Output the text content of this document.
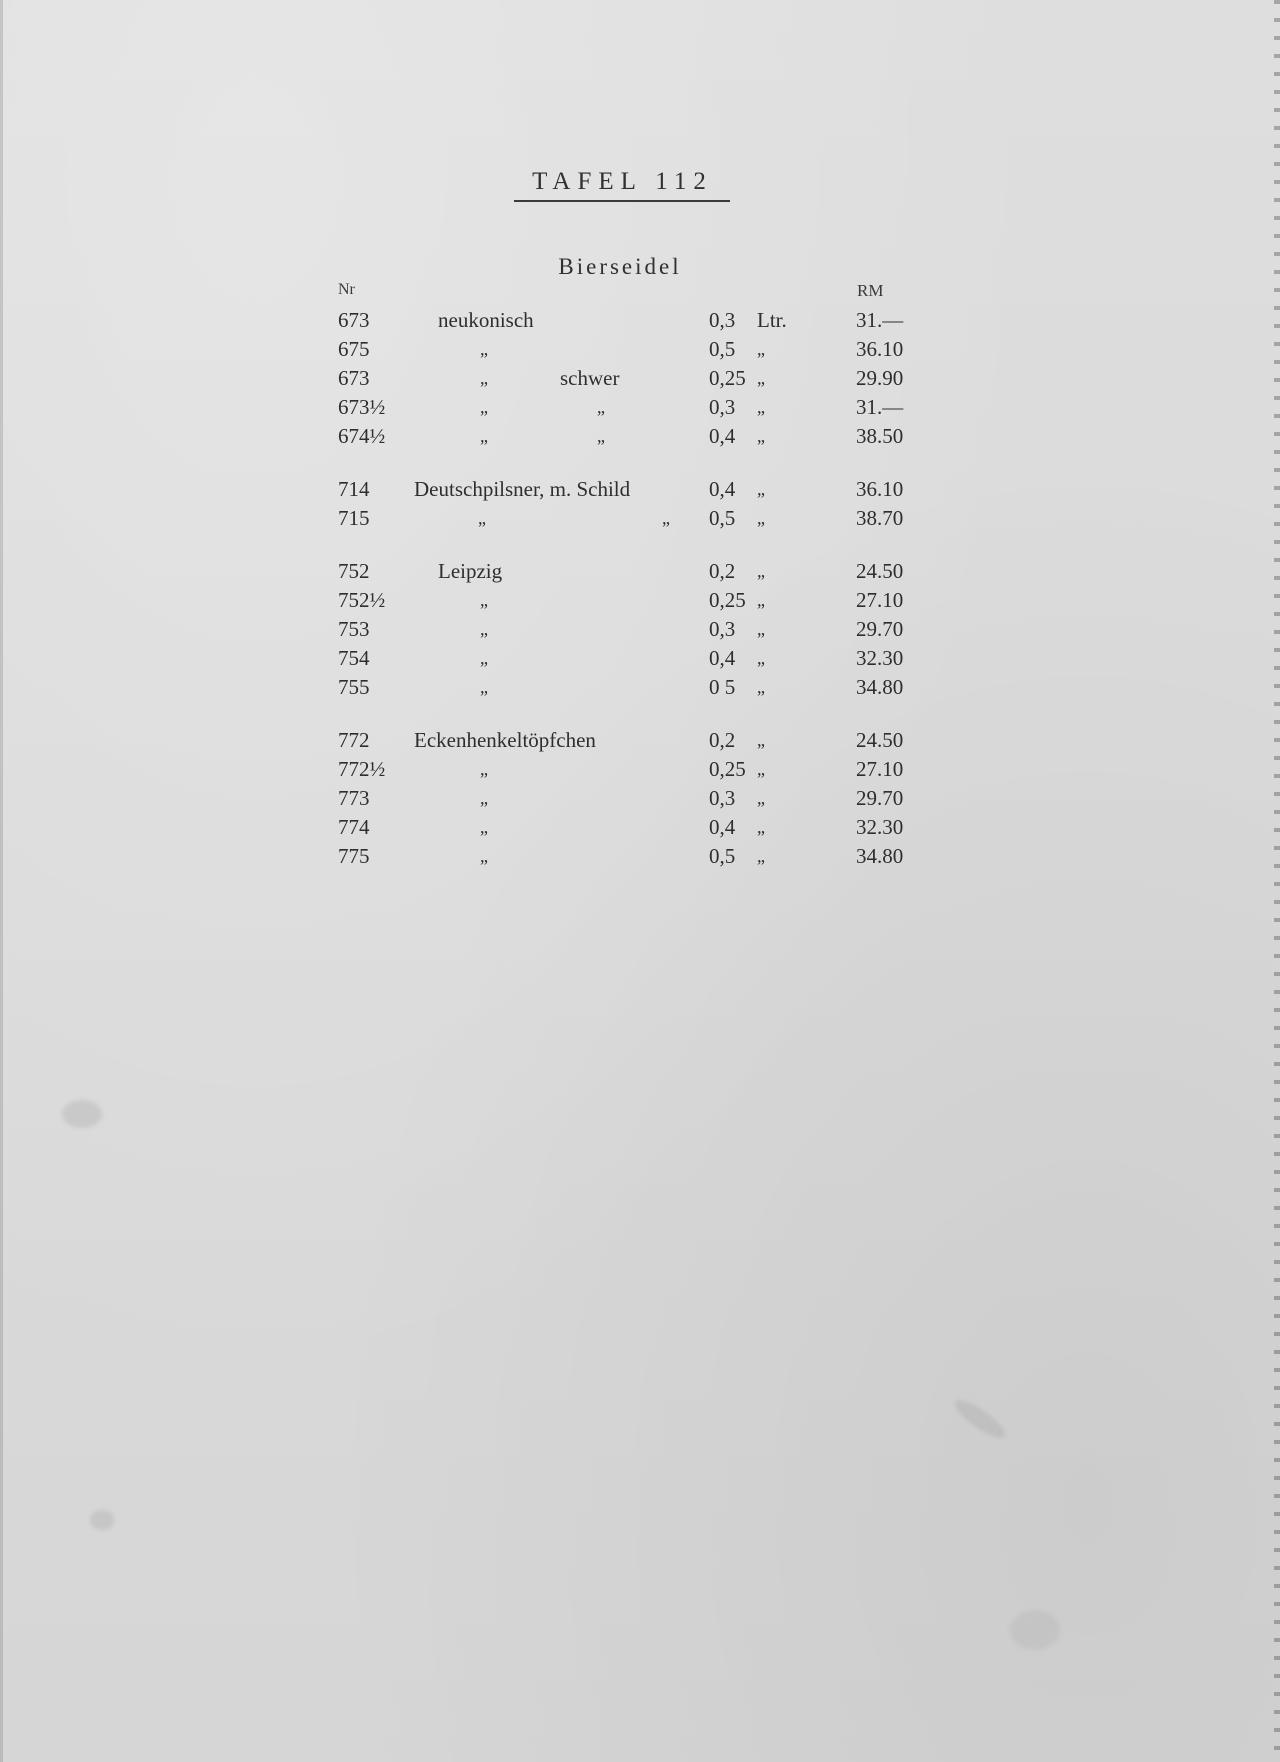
TAFEL 112
Bierseidel
Nr	RM
673	neukonisch	0,3 Ltr.	31.—
675	„	0,5 „	36.10
673	„	schwer	0,25 „	29.90
673½	„	„	0,3 „	31.—
674½	„	„	0,4 „	38.50
714 Deutschpilsner, m. Schild	0,4 „	36.10
715	„	„ 0,5 „	38.70
752	Leipzig	0,2 „	24.50
752½	„	0,25 „	27.10
753	„	0,3 „	29.70
754	„	0,4 „	32.30
755	„	0 5 „	34.80
772 Eckenhenkeltöpfchen	0,2 „	24.50
772½	„	0,25 „	27.10
773	„	0,3 „	29.70
774	„	0,4 „	32.30
775	„	0,5 „	34.80
